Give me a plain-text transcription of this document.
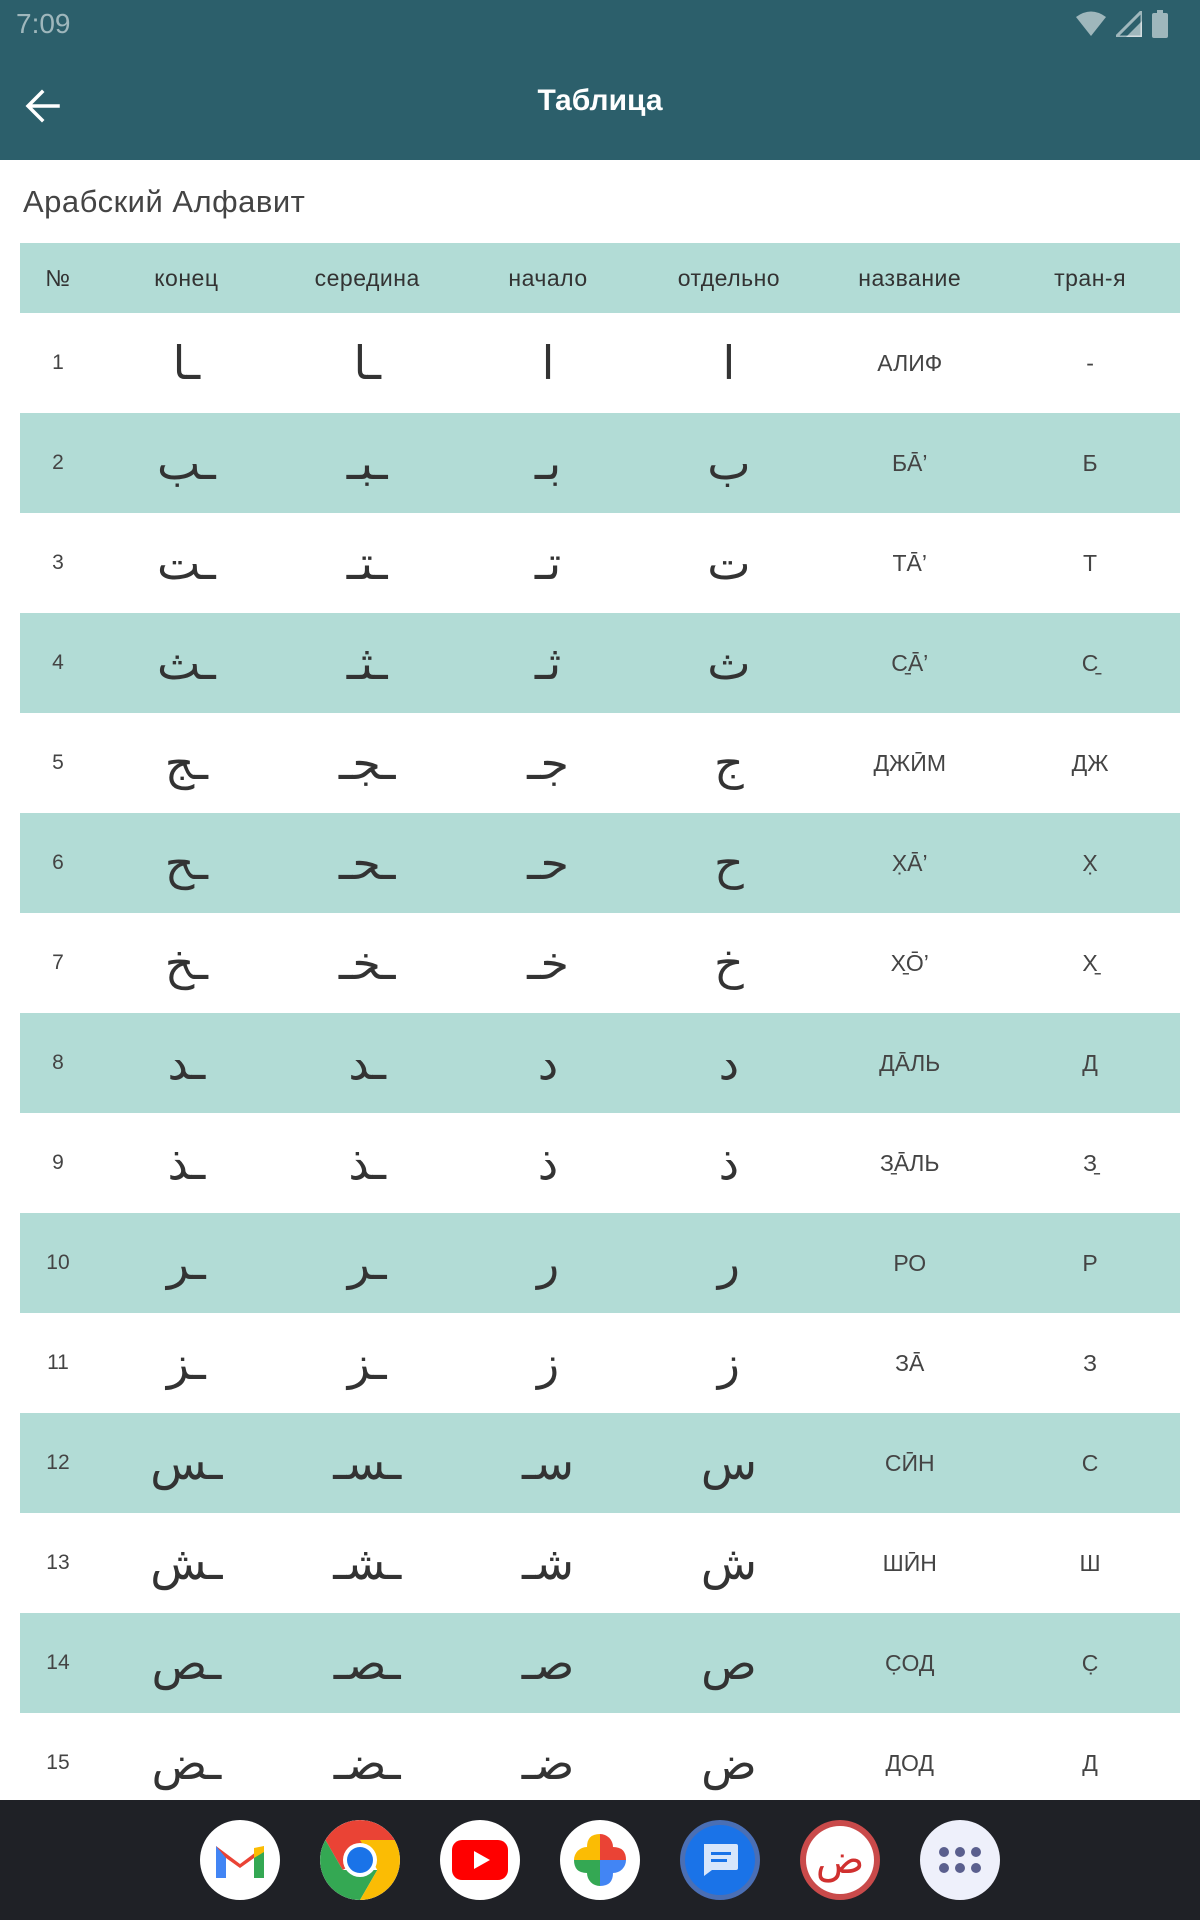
7:09
Таблица
Арабский Алфавит
№	конец	середина	начало	отдельно	название	тран-я
1	ـا	ـا	ا	ا	АЛИФ	-
2	ـب	ـبـ	بـ	ب	БĀ’	Б
3	ـت	ـتـ	تـ	ت	ТĀ’	Т
4	ـث	ـثـ	ثـ	ث	С̱Ā’	С̱
5	ـج	ـجـ	جـ	ج	ДЖӢМ	ДЖ
6	ـح	ـحـ	حـ	ح	Х̣Ā’	Х̣
7	ـخ	ـخـ	خـ	خ	Х̱Ō’	Х̱
8	ـد	ـد	د	د	ДĀЛЬ	Д
9	ـذ	ـذ	ذ	ذ	З̱ĀЛЬ	З̱
10	ـر	ـر	ر	ر	РО	Р
11	ـز	ـز	ز	ز	ЗĀ	З
12	ـس	ـسـ	سـ	س	СӢН	С
13	ـش	ـشـ	شـ	ش	ШӢН	Ш
14	ـص	ـصـ	صـ	ص	С̣ОД	С̣
15	ـض	ـضـ	ضـ	ض	ДОД	Д
ض
